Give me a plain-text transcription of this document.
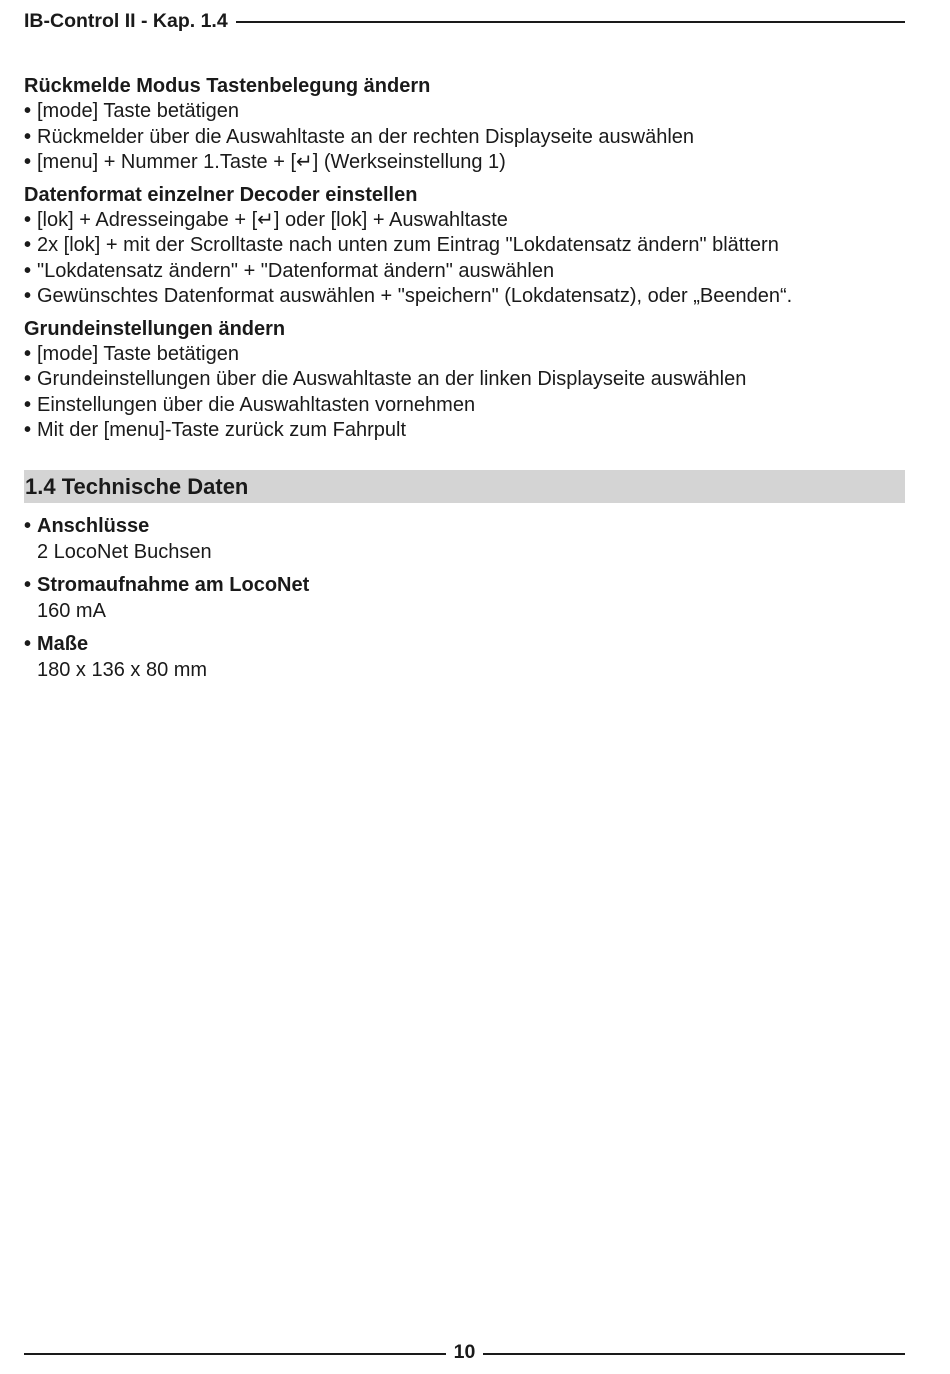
IB-Control II - Kap. 1.4
Rückmelde Modus Tastenbelegung ändern
• [mode] Taste betätigen
• Rückmelder über die Auswahltaste an der rechten Displayseite auswählen
• [menu] + Nummer 1.Taste + [↵] (Werkseinstellung 1)
Datenformat einzelner Decoder einstellen
• [lok] + Adresseingabe + [↵] oder [lok] + Auswahltaste
• 2x [lok] + mit der Scrolltaste nach unten zum Eintrag "Lokdatensatz ändern" blättern
• "Lokdatensatz ändern" + "Datenformat ändern" auswählen
• Gewünschtes Datenformat auswählen + "speichern" (Lokdatensatz), oder „Beenden“.
Grundeinstellungen ändern
• [mode] Taste betätigen
• Grundeinstellungen über die Auswahltaste an der linken Displayseite auswählen
• Einstellungen über die Auswahltasten vornehmen
• Mit der [menu]-Taste zurück zum Fahrpult
1.4 Technische Daten
• Anschlüsse
2 LocoNet Buchsen
• Stromaufnahme am LocoNet
160 mA
• Maße
180 x 136 x 80 mm
10
